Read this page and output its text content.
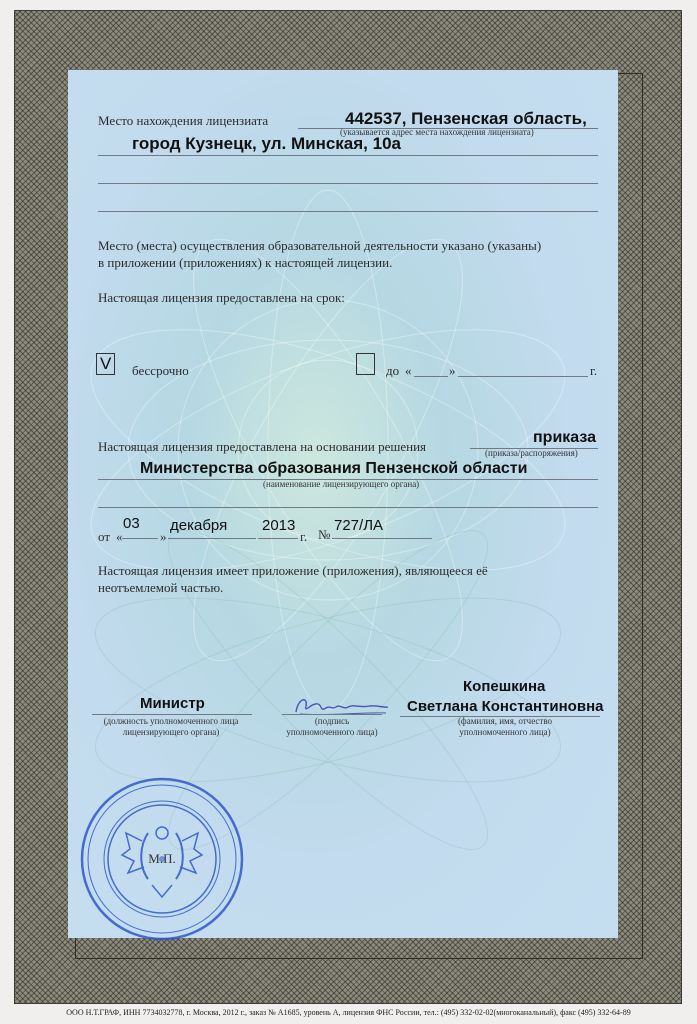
Место нахождения лицензиата	442537, Пензенская область,
(указывается адрес места нахождения лицензиата)
город Кузнецк, ул. Минская, 10а
Место (места) осуществления образовательной деятельности указано (указаны)
в приложении (приложениях) к настоящей лицензии.
Настоящая лицензия предоставлена на срок:
V бессрочно	до «	»	г.
Настоящая лицензия предоставлена на основании решения
приказа
(приказа/распоряжения)
Министерства образования Пензенской области
(наименование лицензирующего органа)
от «
03
»
декабря 2013
г. №
727/ЛА
Настоящая лицензия имеет приложение (приложения), являющееся её
неотъемлемой частью.
Министр
(должность уполномоченного лица
лицензирующего органа)
(подпись
уполномоченного лица)
Копешкина
Светлана Константиновна
(фамилия, имя, отчество
уполномоченного лица)
М.П.
ООО Н.Т.ГРАФ, ИНН 7734032778, г. Москва, 2012 г., заказ № А1685, уровень А, лицензия ФНС России, тел.: (495) 332-02-02(многоканальный), факс (495) 332-64-89
